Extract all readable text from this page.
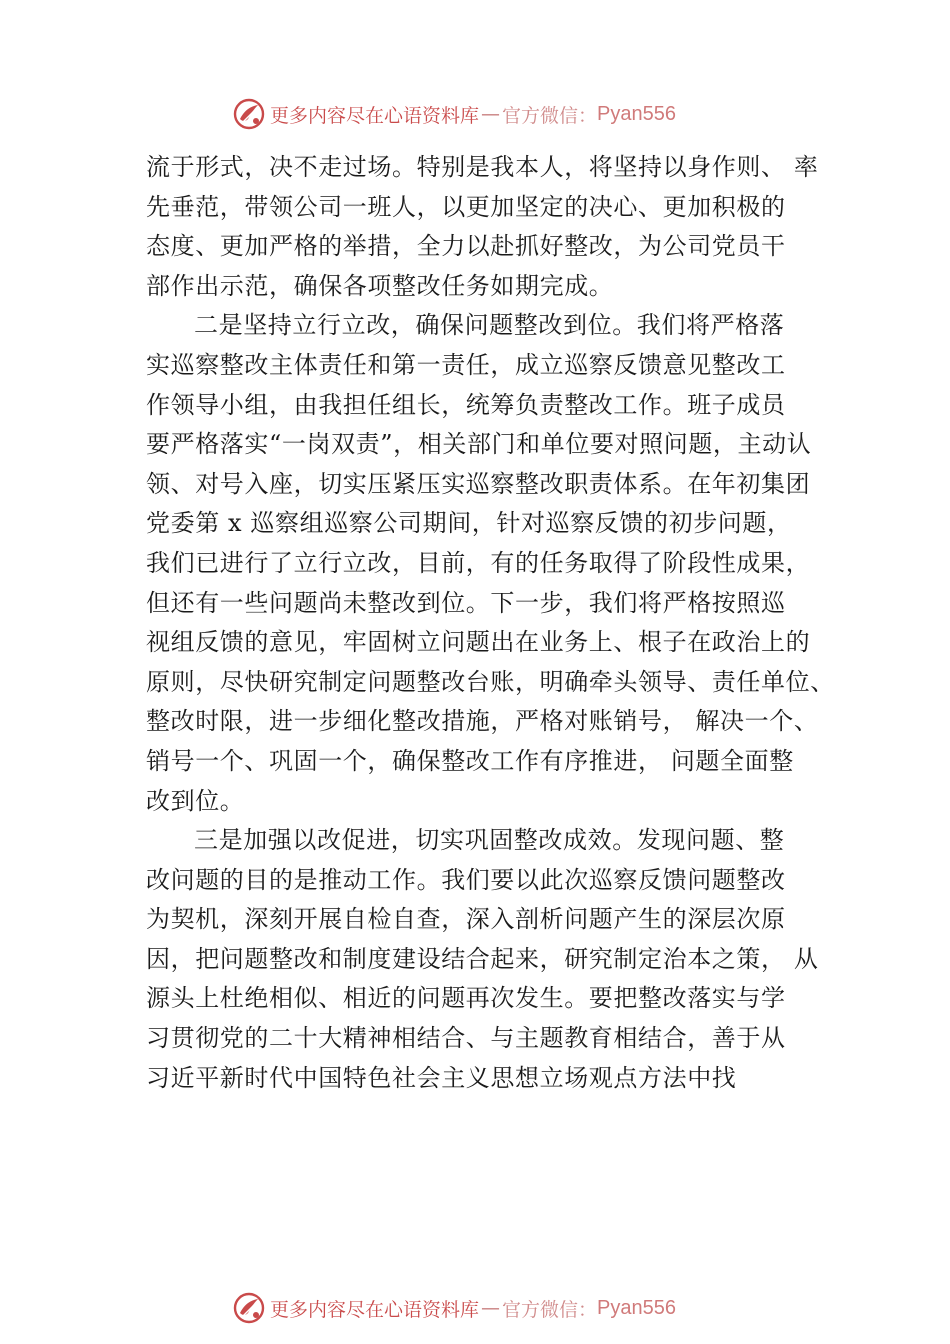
更多内容尽在心语资料库 — 官方微信： Pyan556
流于形式，决不走过场。特别是我本人，将坚持以身作则、 率
先垂范，带领公司一班人，以更加坚定的决心、更加积极的
态度、更加严格的举措，全力以赴抓好整改，为公司党员干
部作出示范，确保各项整改任务如期完成。
二是坚持立行立改，确保问题整改到位。我们将严格落
实巡察整改主体责任和第一责任，成立巡察反馈意见整改工
作领导小组，由我担任组长，统筹负责整改工作。班子成员
要严格落实“一岗双责”，相关部门和单位要对照问题，主动认
领、对号入座，切实压紧压实巡察整改职责体系。在年初集团
党委第 x 巡察组巡察公司期间，针对巡察反馈的初步问题，
我们已进行了立行立改，目前，有的任务取得了阶段性成果，
但还有一些问题尚未整改到位。下一步，我们将严格按照巡
视组反馈的意见，牢固树立问题出在业务上、根子在政治上的
原则，尽快研究制定问题整改台账，明确牵头领导、责任单位、
整改时限，进一步细化整改措施，严格对账销号， 解决一个、
销号一个、巩固一个，确保整改工作有序推进， 问题全面整
改到位。
三是加强以改促进，切实巩固整改成效。发现问题、整
改问题的目的是推动工作。我们要以此次巡察反馈问题整改
为契机，深刻开展自检自查，深入剖析问题产生的深层次原
因，把问题整改和制度建设结合起来，研究制定治本之策， 从
源头上杜绝相似、相近的问题再次发生。要把整改落实与学
习贯彻党的二十大精神相结合、与主题教育相结合，善于从
习近平新时代中国特色社会主义思想立场观点方法中找
更多内容尽在心语资料库 — 官方微信： Pyan556
